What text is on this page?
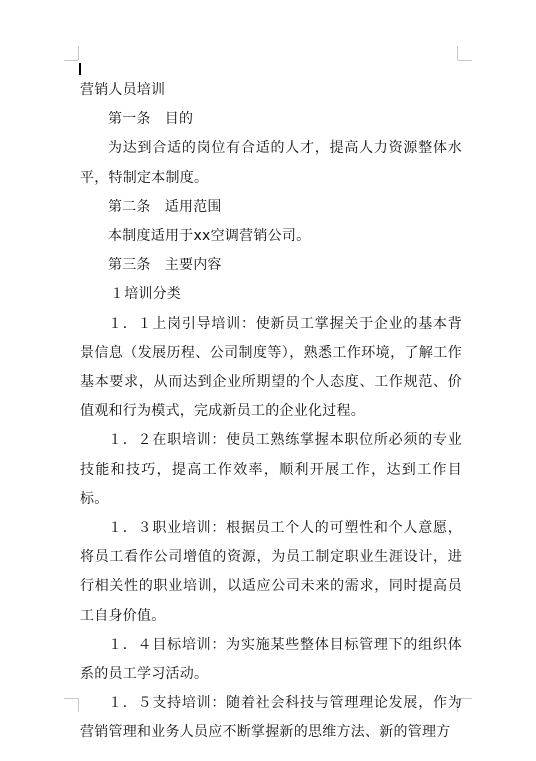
营销人员培训
第一条　目的

为达到合适的岗位有合适的人才，提高人力资源整体水平，特制定本制度。

第二条　适用范围

本制度适用于xx空调营销公司。

第三条　主要内容
１培训分类

１．１上岗引导培训：使新员工掌握关于企业的基本背景信息（发展历程、公司制度等），熟悉工作环境，了解工作基本要求，从而达到企业所期望的个人态度、工作规范、价值观和行为模式，完成新员工的企业化过程。

１．２在职培训：使员工熟练掌握本职位所必须的专业技能和技巧，提高工作效率，顺利开展工作，达到工作目标。

１．３职业培训：根据员工个人的可塑性和个人意愿，将员工看作公司增值的资源，为员工制定职业生涯设计，进行相关性的职业培训，以适应公司未来的需求，同时提高员工自身价值。

１．４目标培训：为实施某些整体目标管理下的组织体系的员工学习活动。

１．５支持培训：随着社会科技与管理理论发展，作为营销管理和业务人员应不断掌握新的思维方法、新的管理方
